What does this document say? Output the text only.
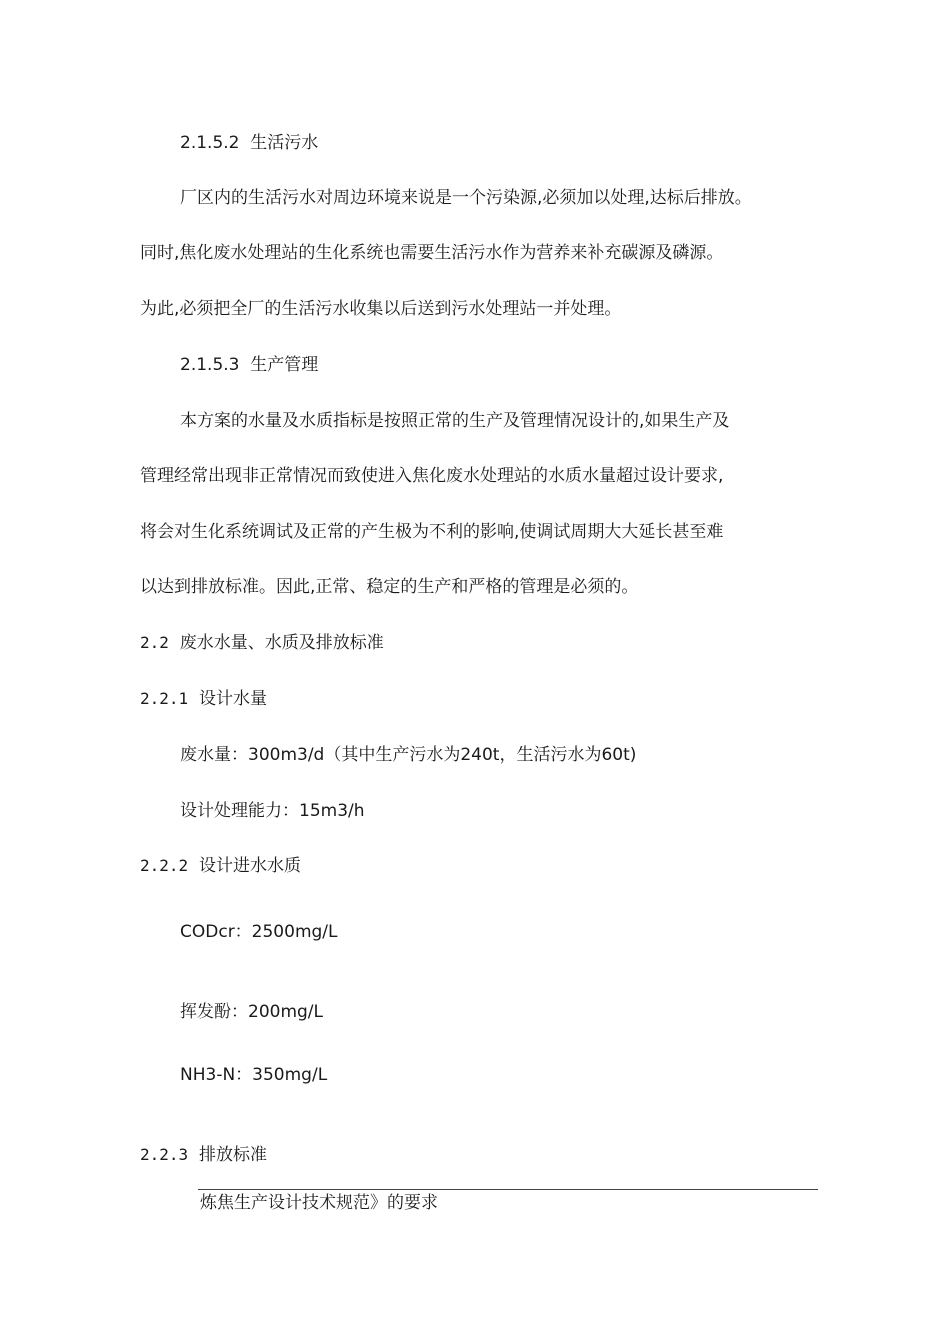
2.1.5.2 生活污水
厂区内的生活污水对周边环境来说是一个污染源,必须加以处理,达标后排放。
同时,焦化废水处理站的生化系统也需要生活污水作为营养来补充碳源及磷源。
为此,必须把全厂的生活污水收集以后送到污水处理站一并处理。
2.1.5.3 生产管理
本方案的水量及水质指标是按照正常的生产及管理情况设计的,如果生产及
管理经常出现非正常情况而致使进入焦化废水处理站的水质水量超过设计要求,
将会对生化系统调试及正常的产生极为不利的影响,使调试周期大大延长甚至难
以达到排放标准。因此,正常、稳定的生产和严格的管理是必须的。
2.2 废水水量、水质及排放标准
2.2.1 设计水量
废水量：300m3/d（其中生产污水为240t，生活污水为60t)
设计处理能力：15m3/h
2.2.2 设计进水水质
CODcr：2500mg/L
挥发酚：200mg/L
NH3-N：350mg/L
2.2.3 排放标准
炼焦生产设计技术规范》的要求
